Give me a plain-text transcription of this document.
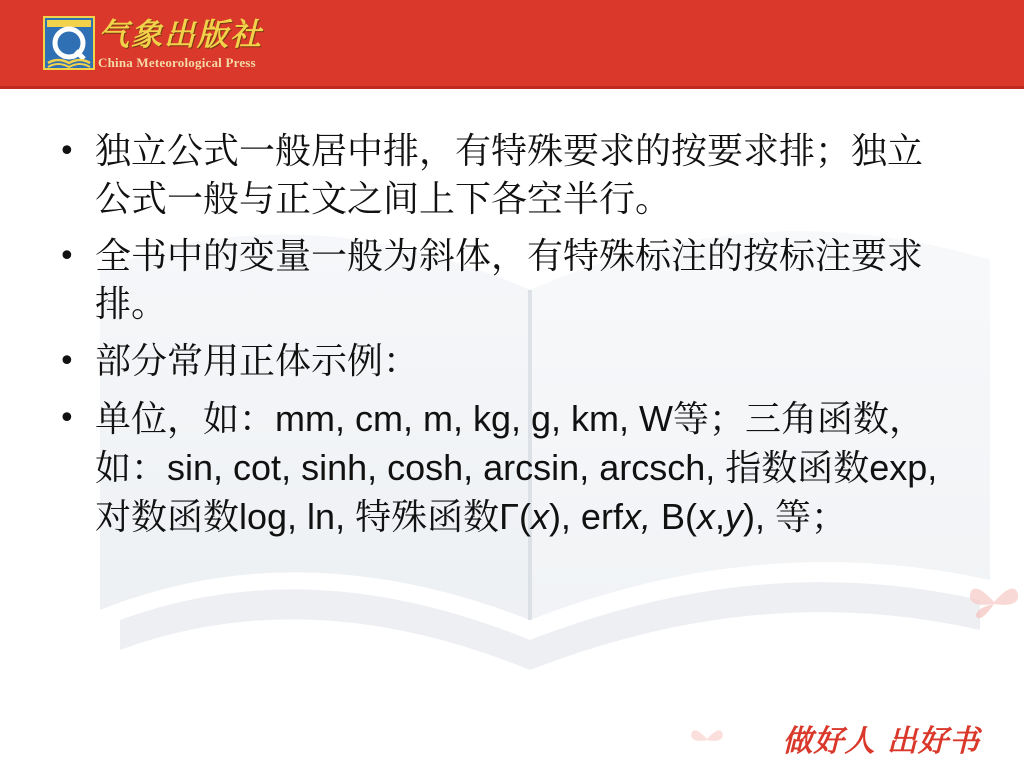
气象出版社
China Meteorological Press
• 独立公式一般居中排，有特殊要求的按要求排；独立公式一般与正文之间上下各空半行。
• 全书中的变量一般为斜体，有特殊标注的按标注要求排。
• 部分常用正体示例：
• 单位，如：mm, cm, m, kg, g, km, W等；三角函数，如：sin, cot, sinh, cosh, arcsin, arcsch, 指数函数exp,对数函数log, ln, 特殊函数Γ(x), erfx, B(x,y), 等；
做好人 出好书
